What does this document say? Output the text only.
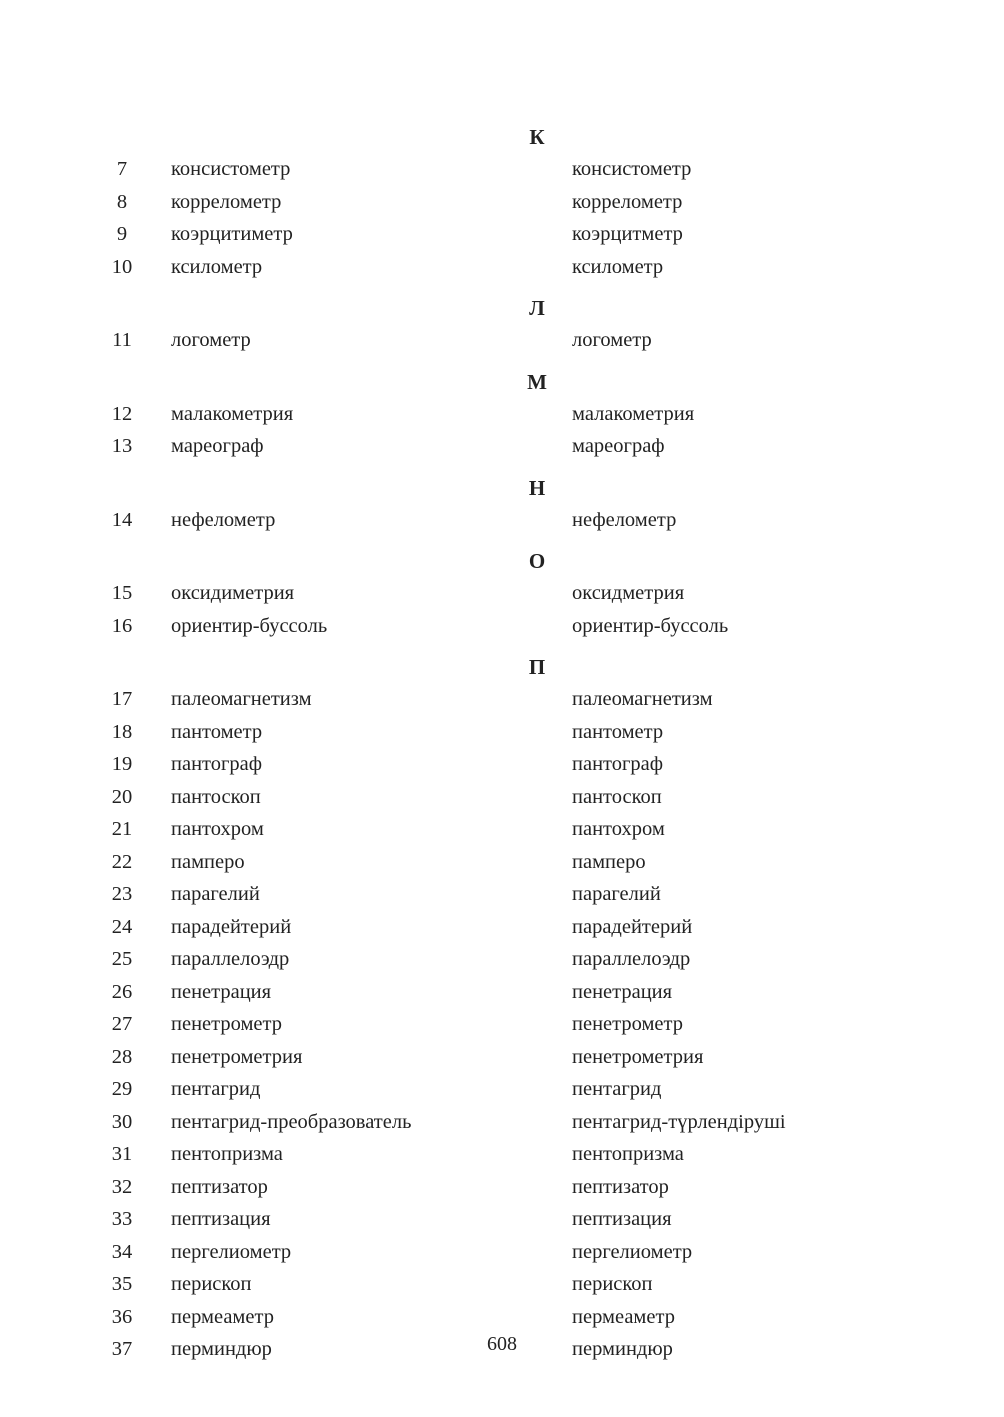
К
7	консистометр	консистометр
8	коррелометр	коррелометр
9	коэрцитиметр	коэрцитметр
10	ксилометр	ксилометр
Л
11	логометр	логометр
М
12	малакометрия	малакометрия
13	мареограф	мареограф
Н
14	нефелометр	нефелометр
О
15	оксидиметрия	оксидметрия
16	ориентир-буссоль	ориентир-буссоль
П
17	палеомагнетизм	палеомагнетизм
18	пантометр	пантометр
19	пантограф	пантограф
20	пантоскоп	пантоскоп
21	пантохром	пантохром
22	памперо	памперо
23	парагелий	парагелий
24	парадейтерий	парадейтерий
25	параллелоэдр	параллелоэдр
26	пенетрация	пенетрация
27	пенетрометр	пенетрометр
28	пенетрометрия	пенетрометрия
29	пентагрид	пентагрид
30	пентагрид-преобразователь	пентагрид-түрлендіруші
31	пентопризма	пентопризма
32	пептизатор	пептизатор
33	пептизация	пептизация
34	пергелиометр	пергелиометр
35	перископ	перископ
36	пермеаметр	пермеаметр
37	перминдюр	перминдюр
608
